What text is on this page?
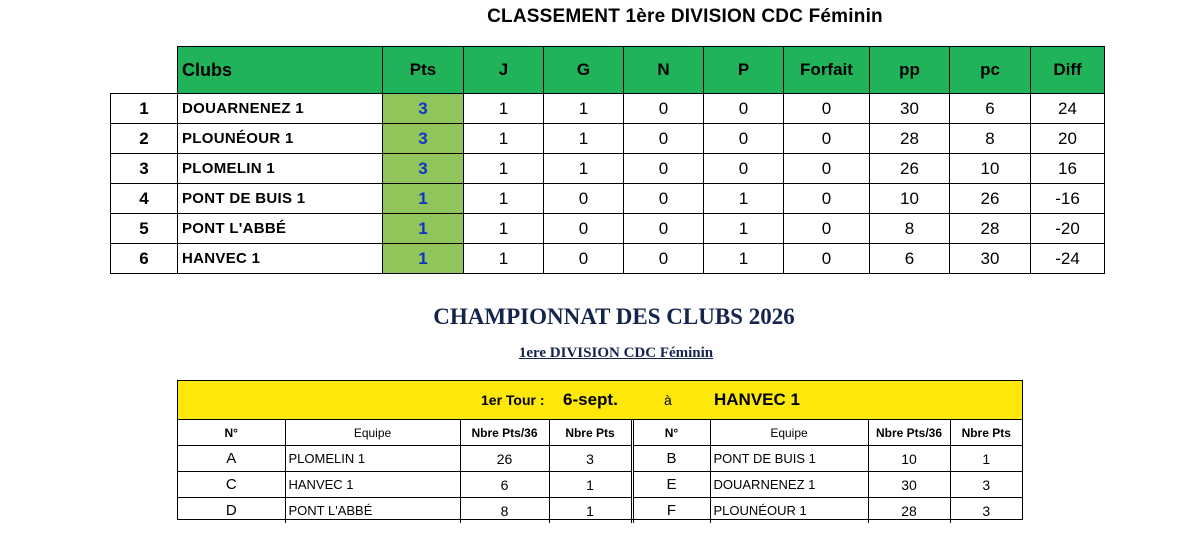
CLASSEMENT 1ère DIVISION CDC Féminin
	Clubs	Pts	J	G	N	P	Forfait	pp	pc	Diff
1	DOUARNENEZ 1	3	1	1	0	0	0	30	6	24
2	PLOUNÉOUR 1	3	1	1	0	0	0	28	8	20
3	PLOMELIN 1	3	1	1	0	0	0	26	10	16
4	PONT DE BUIS 1	1	1	0	0	1	0	10	26	-16
5	PONT L'ABBÉ	1	1	0	0	1	0	8	28	-20
6	HANVEC 1	1	1	0	0	1	0	6	30	-24
CHAMPIONNAT DES CLUBS 2026
1ere DIVISION CDC Féminin
1er Tour : 6-sept.	à HANVEC 1
N°	Equipe	Nbre Pts/36	Nbre Pts	N°	Equipe	Nbre Pts/36	Nbre Pts
A	PLOMELIN 1	26	3	B	PONT DE BUIS 1	10	1
C	HANVEC 1	6	1	E	DOUARNENEZ 1	30	3
D	PONT L'ABBÉ	8	1	F	PLOUNÉOUR 1	28	3
